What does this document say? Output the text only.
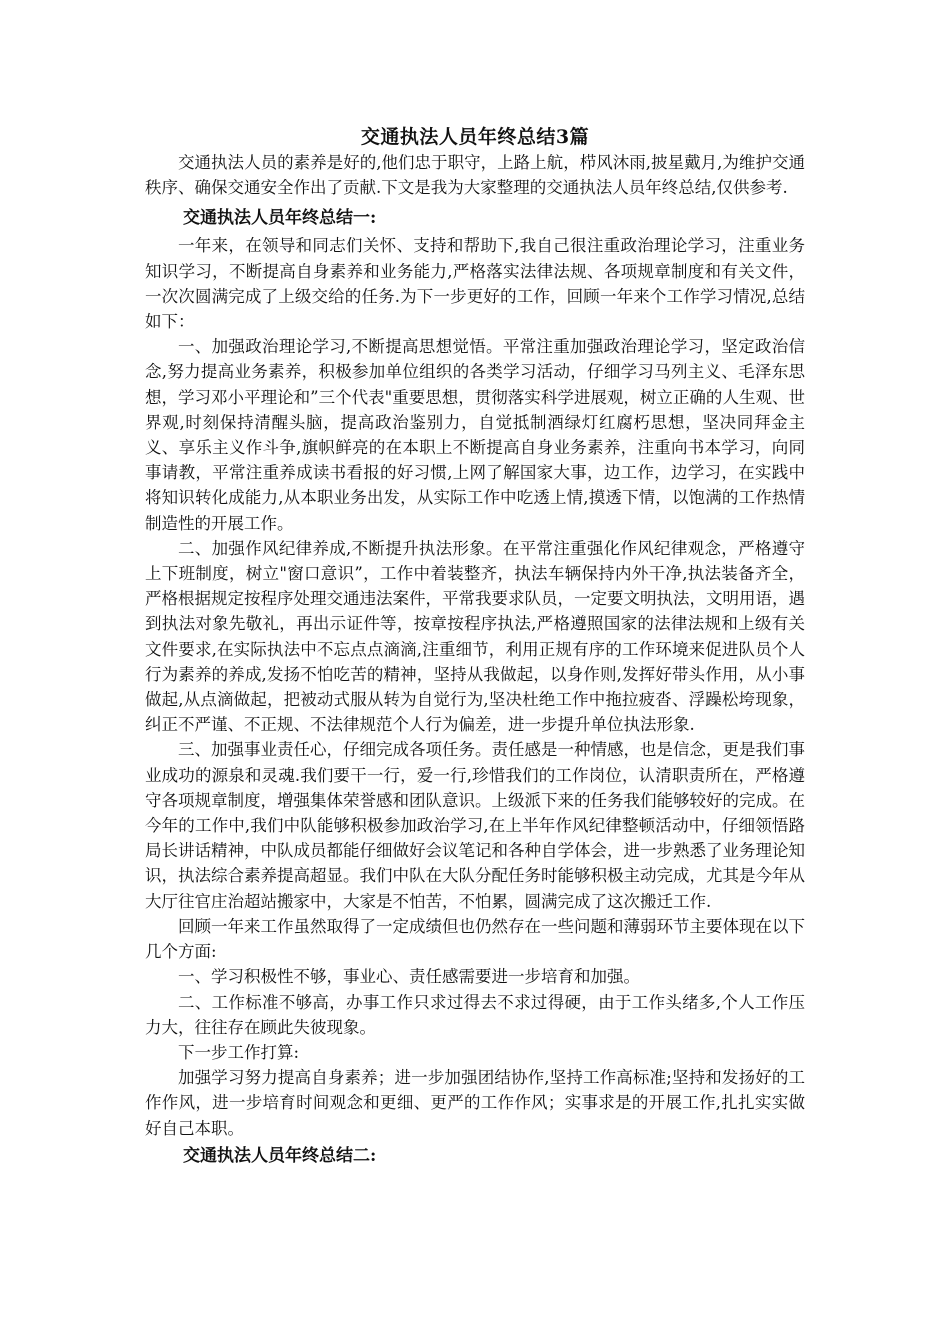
交通执法人员年终总结3篇

交通执法人员的素养是好的,他们忠于职守，上路上航，栉风沐雨,披星戴月,为维护交通秩序、确保交通安全作出了贡献.下文是我为大家整理的交通执法人员年终总结,仅供参考.

交通执法人员年终总结一:

一年来，在领导和同志们关怀、支持和帮助下,我自己很注重政治理论学习，注重业务知识学习，不断提高自身素养和业务能力,严格落实法律法规、各项规章制度和有关文件，一次次圆满完成了上级交给的任务.为下一步更好的工作，回顾一年来个工作学习情况,总结如下：

一、加强政治理论学习,不断提高思想觉悟。平常注重加强政治理论学习，坚定政治信念,努力提高业务素养，积极参加单位组织的各类学习活动，仔细学习马列主义、毛泽东思想，学习邓小平理论和”三个代表"重要思想，贯彻落实科学进展观，树立正确的人生观、世界观,时刻保持清醒头脑，提高政治鉴别力，自觉抵制酒绿灯红腐朽思想，坚决同拜金主义、享乐主义作斗争,旗帜鲜亮的在本职上不断提高自身业务素养，注重向书本学习，向同事请教，平常注重养成读书看报的好习惯,上网了解国家大事，边工作，边学习，在实践中将知识转化成能力,从本职业务出发，从实际工作中吃透上情,摸透下情，以饱满的工作热情制造性的开展工作。

二、加强作风纪律养成,不断提升执法形象。在平常注重强化作风纪律观念，严格遵守上下班制度，树立"窗口意识”，工作中着装整齐，执法车辆保持内外干净,执法装备齐全，严格根据规定按程序处理交通违法案件，平常我要求队员，一定要文明执法，文明用语，遇到执法对象先敬礼，再出示证件等，按章按程序执法,严格遵照国家的法律法规和上级有关文件要求,在实际执法中不忘点点滴滴,注重细节，利用正规有序的工作环境来促进队员个人行为素养的养成,发扬不怕吃苦的精神，坚持从我做起，以身作则,发挥好带头作用，从小事做起,从点滴做起，把被动式服从转为自觉行为,坚决杜绝工作中拖拉疲沓、浮躁松垮现象，纠正不严谨、不正规、不法律规范个人行为偏差，进一步提升单位执法形象.

三、加强事业责任心，仔细完成各项任务。责任感是一种情感，也是信念，更是我们事业成功的源泉和灵魂.我们要干一行，爱一行,珍惜我们的工作岗位，认清职责所在，严格遵守各项规章制度，增强集体荣誉感和团队意识。上级派下来的任务我们能够较好的完成。在今年的工作中,我们中队能够积极参加政治学习,在上半年作风纪律整顿活动中，仔细领悟路局长讲话精神，中队成员都能仔细做好会议笔记和各种自学体会，进一步熟悉了业务理论知识，执法综合素养提高超显。我们中队在大队分配任务时能够积极主动完成，尤其是今年从大厅往官庄治超站搬家中，大家是不怕苦，不怕累，圆满完成了这次搬迁工作.

回顾一年来工作虽然取得了一定成绩但也仍然存在一些问题和薄弱环节主要体现在以下几个方面:

一、学习积极性不够，事业心、责任感需要进一步培育和加强。

二、工作标准不够高，办事工作只求过得去不求过得硬，由于工作头绪多,个人工作压力大，往往存在顾此失彼现象。

下一步工作打算:

加强学习努力提高自身素养；进一步加强团结协作,坚持工作高标准;坚持和发扬好的工作作风，进一步培育时间观念和更细、更严的工作作风；实事求是的开展工作,扎扎实实做好自己本职。

交通执法人员年终总结二:
